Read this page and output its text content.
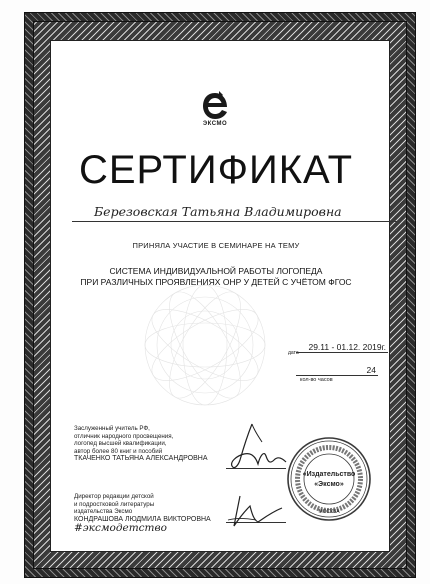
ЭКСМО
СЕРТИФИКАТ
Березовская Татьяна Владимировна
ПРИНЯЛА УЧАСТИЕ В СЕМИНАРЕ НА ТЕМУ
СИСТЕМА ИНДИВИДУАЛЬНОЙ РАБОТЫ ЛОГОПЕДА
ПРИ РАЗЛИЧНЫХ ПРОЯВЛЕНИЯХ ОНР У ДЕТЕЙ С УЧЁТОМ ФГОС
дата
29.11 - 01.12. 2019г.
24
кол-во часов
Заслуженный учитель РФ,
отличник народного просвещения,
логопед высшей квалификации,
автор более 80 книг и пособий
ТКАЧЕНКО ТАТЬЯНА АЛЕКСАНДРОВНА
Директор редакции детской
и подростковой литературы
издательства Эксмо
КОНДРАШОВА ЛЮДМИЛА ВИКТОРОВНА
«Издательство
«Эксмо»
МОСКВА
#эксмодетство
